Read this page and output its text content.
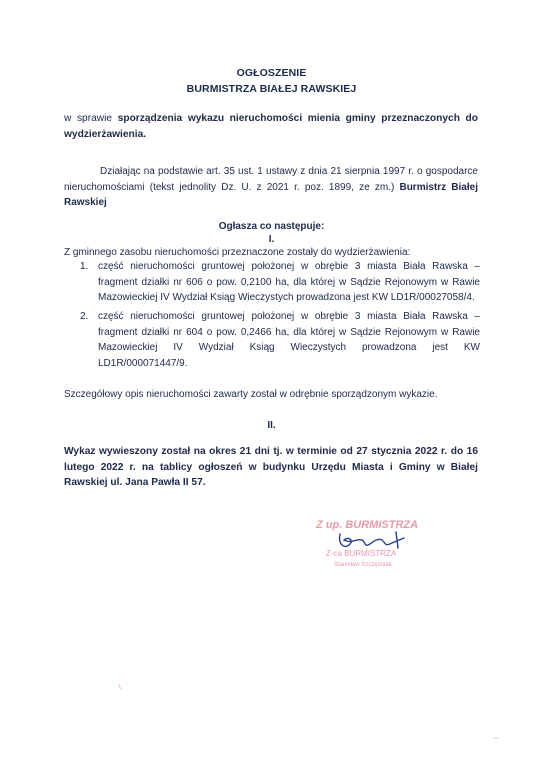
OGŁOSZENIE
BURMISTRZA BIAŁEJ RAWSKIEJ
w sprawie sporządzenia wykazu nieruchomości mienia gminy przeznaczonych do wydzierżawienia.
Działając na podstawie art. 35 ust. 1 ustawy z dnia 21 sierpnia 1997 r. o gospodarce nieruchomościami (tekst jednolity Dz. U. z 2021 r. poz. 1899, ze zm.) Burmistrz Białej Rawskiej
Ogłasza co następuje:
I.
Z gminnego zasobu nieruchomości przeznaczone zostały do wydzierżawienia:
1. część nieruchomości gruntowej położonej w obrębie 3 miasta Biała Rawska – fragment działki nr 606 o pow. 0,2100 ha, dla której w Sądzie Rejonowym w Rawie Mazowieckiej IV Wydział Ksiąg Wieczystych prowadzona jest KW LD1R/00027058/4.
2. część nieruchomości gruntowej położonej w obrębie 3 miasta Biała Rawska – fragment działki nr 604 o pow. 0,2466 ha, dla której w Sądzie Rejonowym w Rawie Mazowieckiej IV Wydział Ksiąg Wieczystych prowadzona jest KW LD1R/000071447/9.
Szczegółowy opis nieruchomości zawarty został w odrębnie sporządzonym wykazie.
II.
Wykaz wywieszony został na okres 21 dni tj. w terminie od 27 stycznia 2022 r. do 16 lutego 2022 r. na tablicy ogłoszeń w budynku Urzędu Miasta i Gminy w Białej Rawskiej ul. Jana Pawła II 57.
Z up. BURMISTRZA
Z-ca BURMISTRZA
Stanisław Szczęśniak
